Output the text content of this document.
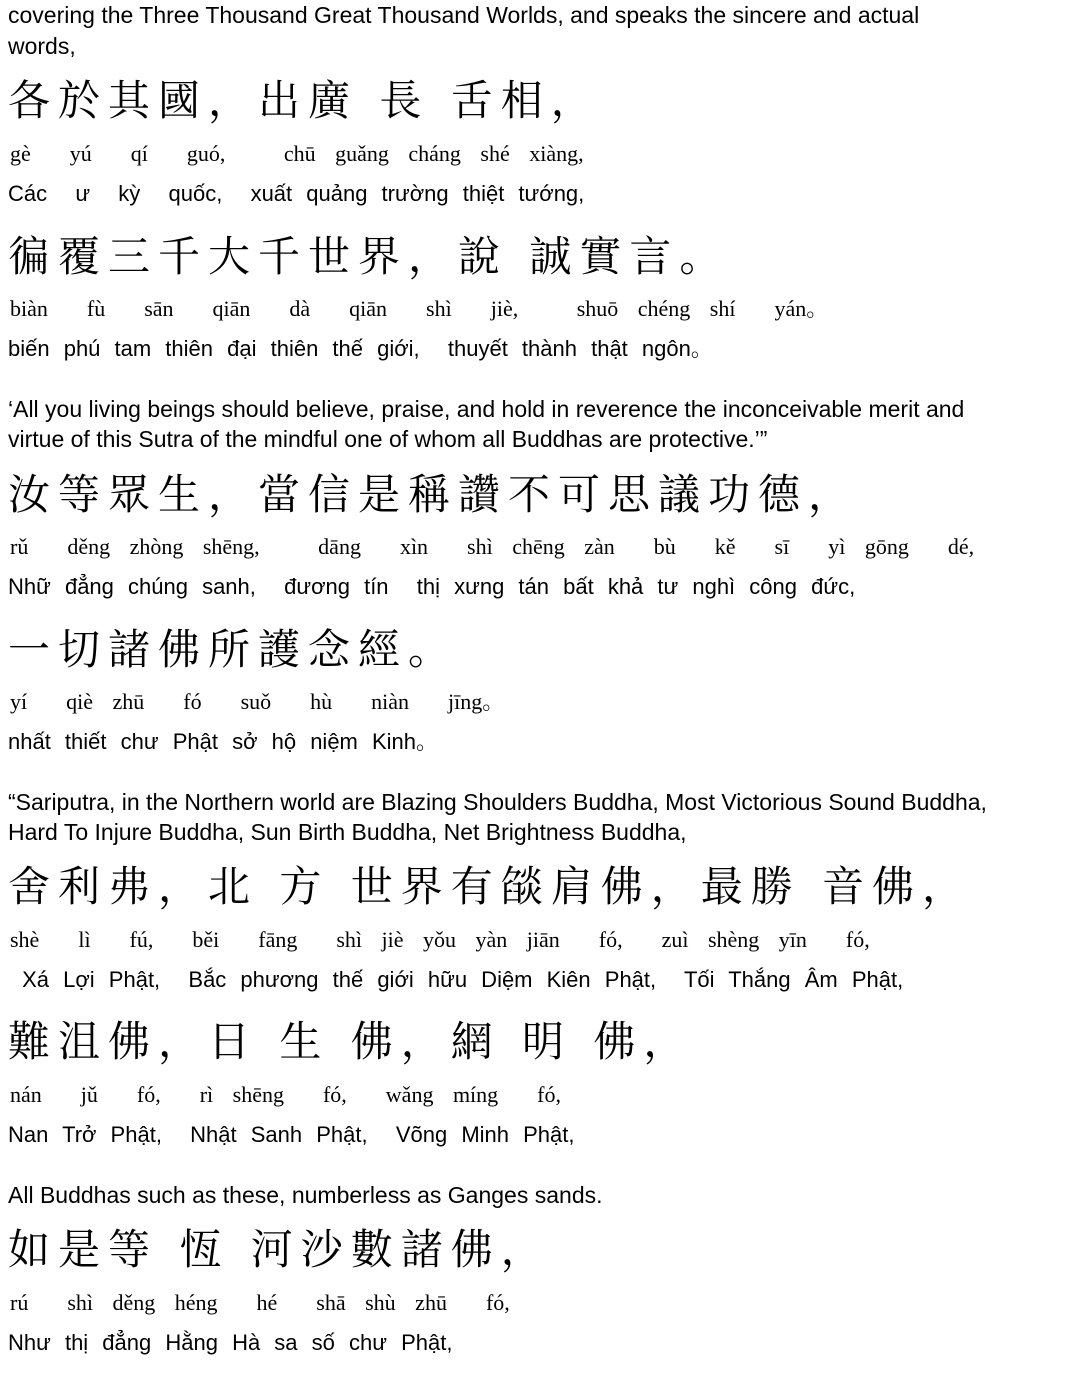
covering the Three Thousand Great Thousand Worlds, and speaks the sincere and actual
words,
各於其國，出廣 長 舌相，
gè  yú  qí  guó,   chū guǎng cháng shé xiàng,
Các  ư  kỳ  quốc,  xuất quảng trường thiệt tướng,
徧覆三千大千世界，說 誠實言。
biàn  fù  sān  qiān  dà  qiān  shì  jiè,   shuō chéng shí  yán。
biến phú tam thiên đại thiên thế giới,  thuyết thành thật ngôn。
‘All you living beings should believe, praise, and hold in reverence the inconceivable merit and
virtue of this Sutra of the mindful one of whom all Buddhas are protective.’”
汝等眾生，當信是稱讚不可思議功德，
rǔ  děng zhòng shēng,   dāng  xìn  shì chēng zàn  bù  kě  sī  yì gōng  dé,
Nhữ đẳng chúng sanh,  đương tín  thị xưng tán bất khả tư nghì công đức,
一切諸佛所護念經。
yí  qiè zhū  fó  suǒ  hù  niàn  jīng。
nhất thiết chư Phật sở hộ niệm Kinh。
“Sariputra, in the Northern world are Blazing Shoulders Buddha, Most Victorious Sound Buddha,
Hard To Injure Buddha, Sun Birth Buddha, Net Brightness Buddha,
舍利弗，北 方 世界有燄肩佛，最勝 音佛，
shè  lì  fú,  běi  fāng  shì jiè yǒu yàn jiān  fó,  zuì shèng yīn  fó,
Xá Lợi Phật,  Bắc phương thế giới hữu Diệm Kiên Phật,  Tối Thắng Âm Phật,
難沮佛，日 生 佛，網 明 佛，
nán  jǔ  fó,  rì shēng  fó,  wǎng míng  fó,
Nan Trở Phật,  Nhật Sanh Phật,  Võng Minh Phật,
All Buddhas such as these, numberless as Ganges sands.
如是等 恆 河沙數諸佛，
rú  shì děng héng  hé  shā shù zhū  fó,
Như thị đẳng Hằng Hà sa số chư Phật,
